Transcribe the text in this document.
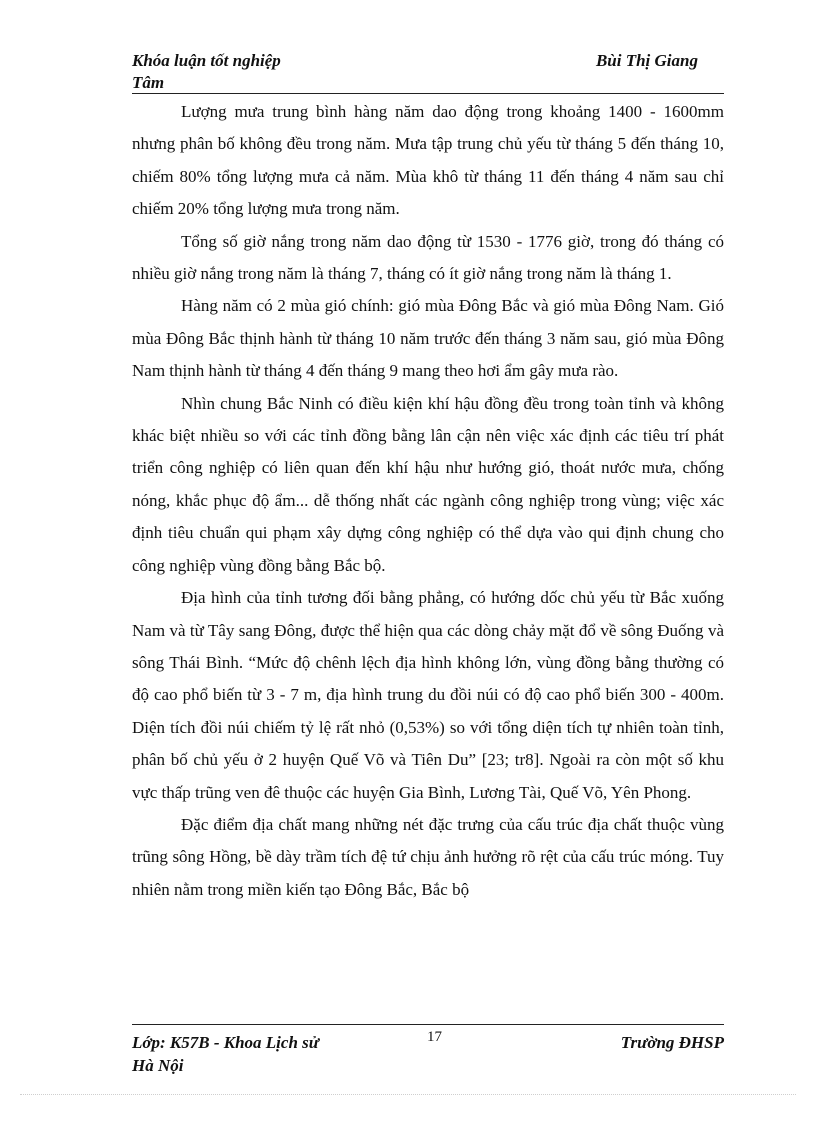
Khóa luận tốt nghiệp	Bùi Thị Giang
Tâm

Lượng mưa trung bình hàng năm dao động trong khoảng 1400 - 1600mm nhưng phân bố không đều trong năm. Mưa tập trung chủ yếu từ tháng 5 đến tháng 10, chiếm 80% tổng lượng mưa cả năm. Mùa khô từ tháng 11 đến tháng 4 năm sau chỉ chiếm 20% tổng lượng mưa trong năm.

Tổng số giờ nắng trong năm dao động từ 1530 - 1776 giờ, trong đó tháng có nhiều giờ nắng trong năm là tháng 7, tháng có ít giờ nắng trong năm là tháng 1.

Hàng năm có 2 mùa gió chính: gió mùa Đông Bắc và gió mùa Đông Nam. Gió mùa Đông Bắc thịnh hành từ tháng 10 năm trước đến tháng 3 năm sau, gió mùa Đông Nam thịnh hành từ tháng 4 đến tháng 9 mang theo hơi ẩm gây mưa rào.

Nhìn chung Bắc Ninh có điều kiện khí hậu đồng đều trong toàn tỉnh và không khác biệt nhiều so với các tỉnh đồng bằng lân cận nên việc xác định các tiêu trí phát triển công nghiệp có liên quan đến khí hậu như hướng gió, thoát nước mưa, chống nóng, khắc phục độ ẩm... dễ thống nhất các ngành công nghiệp trong vùng; việc xác định tiêu chuẩn qui phạm xây dựng công nghiệp có thể dựa vào qui định chung cho công nghiệp vùng đồng bằng Bắc bộ.

Địa hình của tỉnh tương đối bằng phẳng, có hướng dốc chủ yếu từ Bắc xuống Nam và từ Tây sang Đông, được thể hiện qua các dòng chảy mặt đổ về sông Đuống và sông Thái Bình. “Mức độ chênh lệch địa hình không lớn, vùng đồng bằng thường có độ cao phổ biến từ 3 - 7 m, địa hình trung du đồi núi có độ cao phổ biến 300 - 400m. Diện tích đồi núi chiếm tỷ lệ rất nhỏ (0,53%) so với tổng diện tích tự nhiên toàn tỉnh, phân bố chủ yếu ở 2 huyện Quế Võ và Tiên Du” [23; tr8]. Ngoài ra còn một số khu vực thấp trũng ven đê thuộc các huyện Gia Bình, Lương Tài, Quế Võ, Yên Phong.

Đặc điểm địa chất mang những nét đặc trưng của cấu trúc địa chất thuộc vùng trũng sông Hồng, bề dày trầm tích đệ tứ chịu ảnh hưởng rõ rệt của cấu trúc móng. Tuy nhiên nằm trong miền kiến tạo Đông Bắc, Bắc bộ

Lớp: K57B - Khoa Lịch sử	17	Trường ĐHSP
Hà Nội
